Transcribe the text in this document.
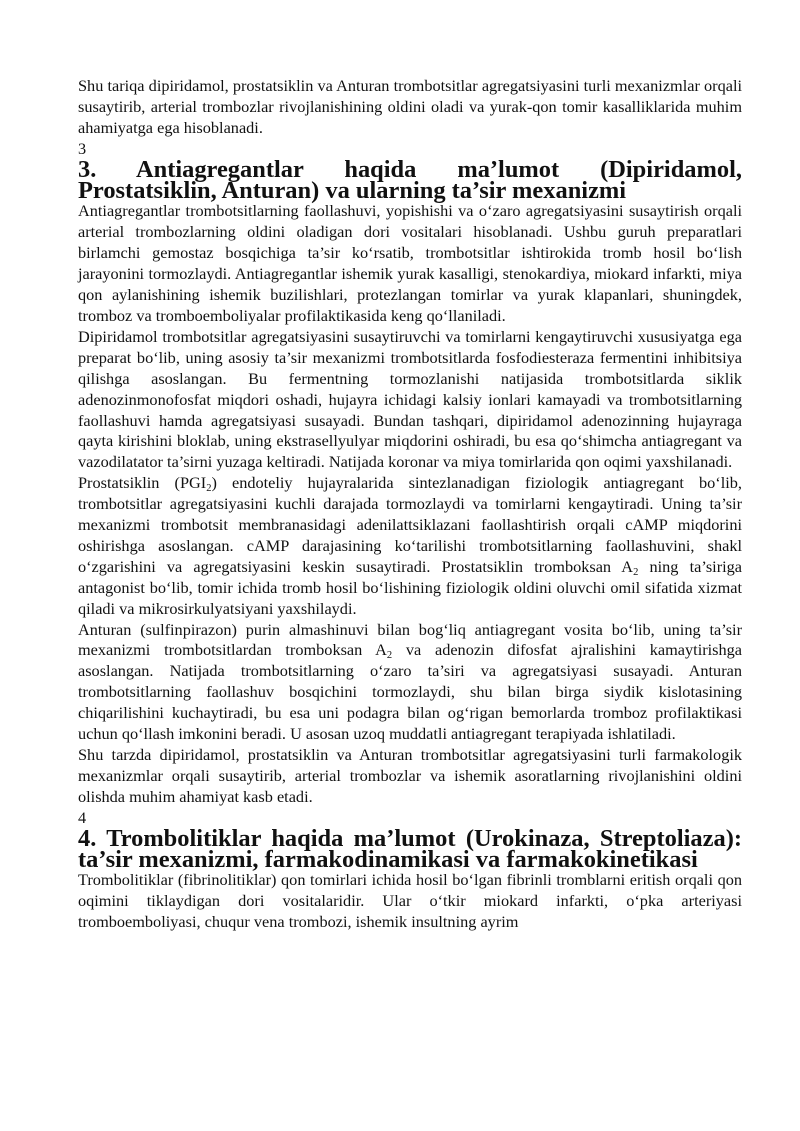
Shu tariqa dipiridamol, prostatsiklin va Anturan trombotsitlar agregatsiyasini turli mexanizmlar orqali susaytirib, arterial trombozlar rivojlanishining oldini oladi va yurak-qon tomir kasalliklarida muhim ahamiyatga ega hisoblanadi.

3

3. Antiagregantlar haqida ma’lumot (Dipiridamol, Prostatsiklin, Anturan) va ularning ta’sir mexanizmi

Antiagregantlar trombotsitlarning faollashuvi, yopishishi va o‘zaro agregatsiyasini susaytirish orqali arterial trombozlarning oldini oladigan dori vositalari hisoblanadi. Ushbu guruh preparatlari birlamchi gemostaz bosqichiga ta’sir ko‘rsatib, trombotsitlar ishtirokida tromb hosil bo‘lish jarayonini tormozlaydi. Antiagregantlar ishemik yurak kasalligi, stenokardiya, miokard infarkti, miya qon aylanishining ishemik buzilishlari, protezlangan tomirlar va yurak klapanlari, shuningdek, tromboz va tromboemboliyalar profilaktikasida keng qo‘llaniladi.

Dipiridamol trombotsitlar agregatsiyasini susaytiruvchi va tomirlarni kengaytiruvchi xususiyatga ega preparat bo‘lib, uning asosiy ta’sir mexanizmi trombotsitlarda fosfodiesteraza fermentini inhibitsiya qilishga asoslangan. Bu fermentning tormozlanishi natijasida trombotsitlarda siklik adenozinmonofosfat miqdori oshadi, hujayra ichidagi kalsiy ionlari kamayadi va trombotsitlarning faollashuvi hamda agregatsiyasi susayadi. Bundan tashqari, dipiridamol adenozinning hujayraga qayta kirishini bloklab, uning ekstrasellyulyar miqdorini oshiradi, bu esa qo‘shimcha antiagregant va vazodilatator ta’sirni yuzaga keltiradi. Natijada koronar va miya tomirlarida qon oqimi yaxshilanadi.

Prostatsiklin $(PGI_2)$ endoteliy hujayralarida sintezlanadigan fiziologik antiagregant bo‘lib, trombotsitlar agregatsiyasini kuchli darajada tormozlaydi va tomirlarni kengaytiradi. Uning ta’sir mexanizmi trombotsit membranasidagi adenilattsiklazani faollashtirish orqali cAMP miqdorini oshirishga asoslangan. cAMP darajasining ko‘tarilishi trombotsitlarning faollashuvini, shakl o‘zgarishini va agregatsiyasini keskin susaytiradi. Prostatsiklin tromboksan $A_2$ ning ta’siriga antagonist bo‘lib, tomir ichida tromb hosil bo‘lishining fiziologik oldini oluvchi omil sifatida xizmat qiladi va mikrosirkulyatsiyani yaxshilaydi.

Anturan (sulfinpirazon) purin almashinuvi bilan bog‘liq antiagregant vosita bo‘lib, uning ta’sir mexanizmi trombotsitlardan tromboksan $A_2$ va adenozin difosfat ajralishini kamaytirishga asoslangan. Natijada trombotsitlarning o‘zaro ta’siri va agregatsiyasi susayadi. Anturan trombotsitlarning faollashuv bosqichini tormozlaydi, shu bilan birga siydik kislotasining chiqarilishini kuchaytiradi, bu esa uni podagra bilan og‘rigan bemorlarda tromboz profilaktikasi uchun qo‘llash imkonini beradi. U asosan uzoq muddatli antiagregant terapiyada ishlatiladi.

Shu tarzda dipiridamol, prostatsiklin va Anturan trombotsitlar agregatsiyasini turli farmakologik mexanizmlar orqali susaytirib, arterial trombozlar va ishemik asoratlarning rivojlanishini oldini olishda muhim ahamiyat kasb etadi.

4

4. Trombolitiklar haqida ma’lumot (Urokinaza, Streptoliaza): ta’sir mexanizmi, farmakodinamikasi va farmakokinetikasi

Trombolitiklar (fibrinolitiklar) qon tomirlari ichida hosil bo‘lgan fibrinli tromblarni eritish orqali qon oqimini tiklaydigan dori vositalaridir. Ular o‘tkir miokard infarkti, o‘pka arteriyasi tromboemboliyasi, chuqur vena trombozi, ishemik insultning ayrim
